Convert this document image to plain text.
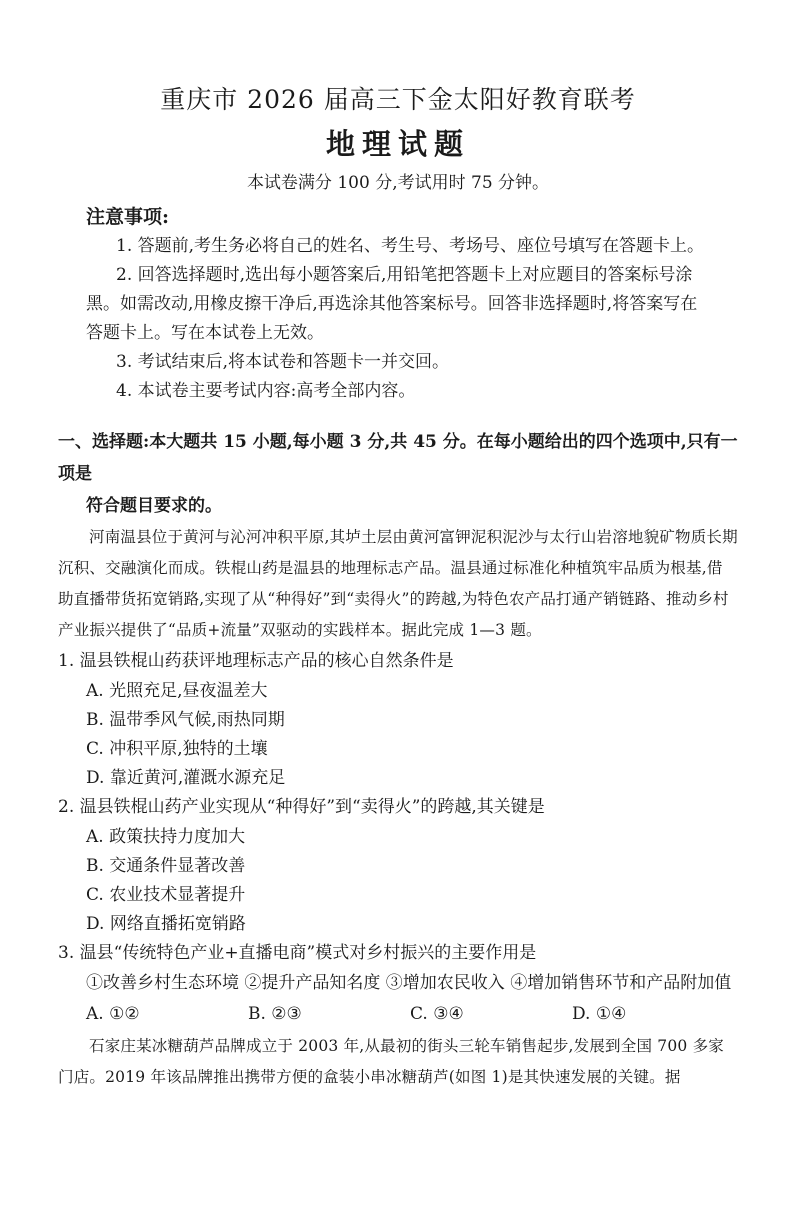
重庆市 2026 届高三下金太阳好教育联考
地理试题
本试卷满分 100 分,考试用时 75 分钟。
注意事项:
1. 答题前,考生务必将自己的姓名、考生号、考场号、座位号填写在答题卡上。
2. 回答选择题时,选出每小题答案后,用铅笔把答题卡上对应题目的答案标号涂黑。如需改动,用橡皮擦干净后,再选涂其他答案标号。回答非选择题时,将答案写在答题卡上。写在本试卷上无效。
3. 考试结束后,将本试卷和答题卡一并交回。
4. 本试卷主要考试内容:高考全部内容。
一、选择题:本大题共 15 小题,每小题 3 分,共 45 分。在每小题给出的四个选项中,只有一项是
符合题目要求的。

河南温县位于黄河与沁河冲积平原,其垆土层由黄河富钾泥积泥沙与太行山岩溶地貌矿物质长期沉积、交融演化而成。铁棍山药是温县的地理标志产品。温县通过标准化种植筑牢品质为根基,借助直播带货拓宽销路,实现了从“种得好”到“卖得火”的跨越,为特色农产品打通产销链路、推动乡村产业振兴提供了“品质+流量”双驱动的实践样本。据此完成 1—3 题。

1. 温县铁棍山药获评地理标志产品的核心自然条件是
A. 光照充足,昼夜温差大
B. 温带季风气候,雨热同期
C. 冲积平原,独特的土壤
D. 靠近黄河,灌溉水源充足
2. 温县铁棍山药产业实现从“种得好”到“卖得火”的跨越,其关键是
A. 政策扶持力度加大
B. 交通条件显著改善
C. 农业技术显著提升
D. 网络直播拓宽销路
3. 温县“传统特色产业+直播电商”模式对乡村振兴的主要作用是
①改善乡村生态环境 ②提升产品知名度 ③增加农民收入 ④增加销售环节和产品附加值
A. ①②	B. ②③	C. ③④	D. ①④

石家庄某冰糖葫芦品牌成立于 2003 年,从最初的街头三轮车销售起步,发展到全国 700 多家门店。2019 年该品牌推出携带方便的盒装小串冰糖葫芦(如图 1)是其快速发展的关键。据
